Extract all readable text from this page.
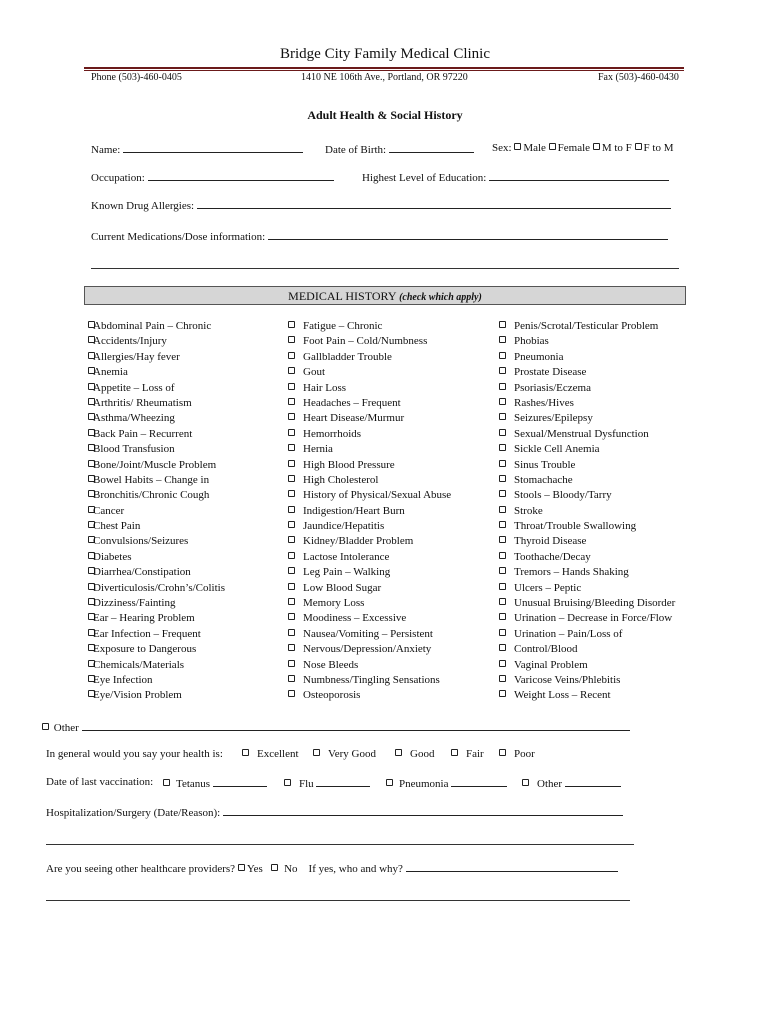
Bridge City Family Medical Clinic
Phone (503)-460-0405	1410 NE 106th Ave., Portland, OR 97220	Fax (503)-460-0430
Adult Health & Social History
Name:	Date of Birth:	Sex: Male Female M to F F to M
Occupation:	Highest Level of Education:
Known Drug Allergies:
Current Medications/Dose information:
MEDICAL HISTORY (check which apply)
Abdominal Pain – Chronic
Accidents/Injury
Allergies/Hay fever
Anemia
Appetite – Loss of
Arthritis/ Rheumatism
Asthma/Wheezing
Back Pain – Recurrent
Blood Transfusion
Bone/Joint/Muscle Problem
Bowel Habits – Change in
Bronchitis/Chronic Cough
Cancer
Chest Pain
Convulsions/Seizures
Diabetes
Diarrhea/Constipation
Diverticulosis/Crohn’s/Colitis
Dizziness/Fainting
Ear – Hearing Problem
Ear Infection – Frequent
Exposure to Dangerous
Chemicals/Materials
Eye Infection
Eye/Vision Problem
Fatigue – Chronic
Foot Pain – Cold/Numbness
Gallbladder Trouble
Gout
Hair Loss
Headaches – Frequent
Heart Disease/Murmur
Hemorrhoids
Hernia
High Blood Pressure
High Cholesterol
History of Physical/Sexual Abuse
Indigestion/Heart Burn
Jaundice/Hepatitis
Kidney/Bladder Problem
Lactose Intolerance
Leg Pain – Walking
Low Blood Sugar
Memory Loss
Moodiness – Excessive
Nausea/Vomiting – Persistent
Nervous/Depression/Anxiety
Nose Bleeds
Numbness/Tingling Sensations
Osteoporosis
Penis/Scrotal/Testicular Problem
Phobias
Pneumonia
Prostate Disease
Psoriasis/Eczema
Rashes/Hives
Seizures/Epilepsy
Sexual/Menstrual Dysfunction
Sickle Cell Anemia
Sinus Trouble
Stomachache
Stools – Bloody/Tarry
Stroke
Throat/Trouble Swallowing
Thyroid Disease
Toothache/Decay
Tremors – Hands Shaking
Ulcers – Peptic
Unusual Bruising/Bleeding Disorder
Urination – Decrease in Force/Flow
Urination – Pain/Loss of
Control/Blood
Vaginal Problem
Varicose Veins/Phlebitis
Weight Loss – Recent
Other
In general would you say your health is:	Excellent	Very Good	Good	Fair	Poor
Date of last vaccination:	Tetanus	Flu	Pneumonia	Other
Hospitalization/Surgery (Date/Reason):
Are you seeing other healthcare providers? Yes No If yes, who and why?
